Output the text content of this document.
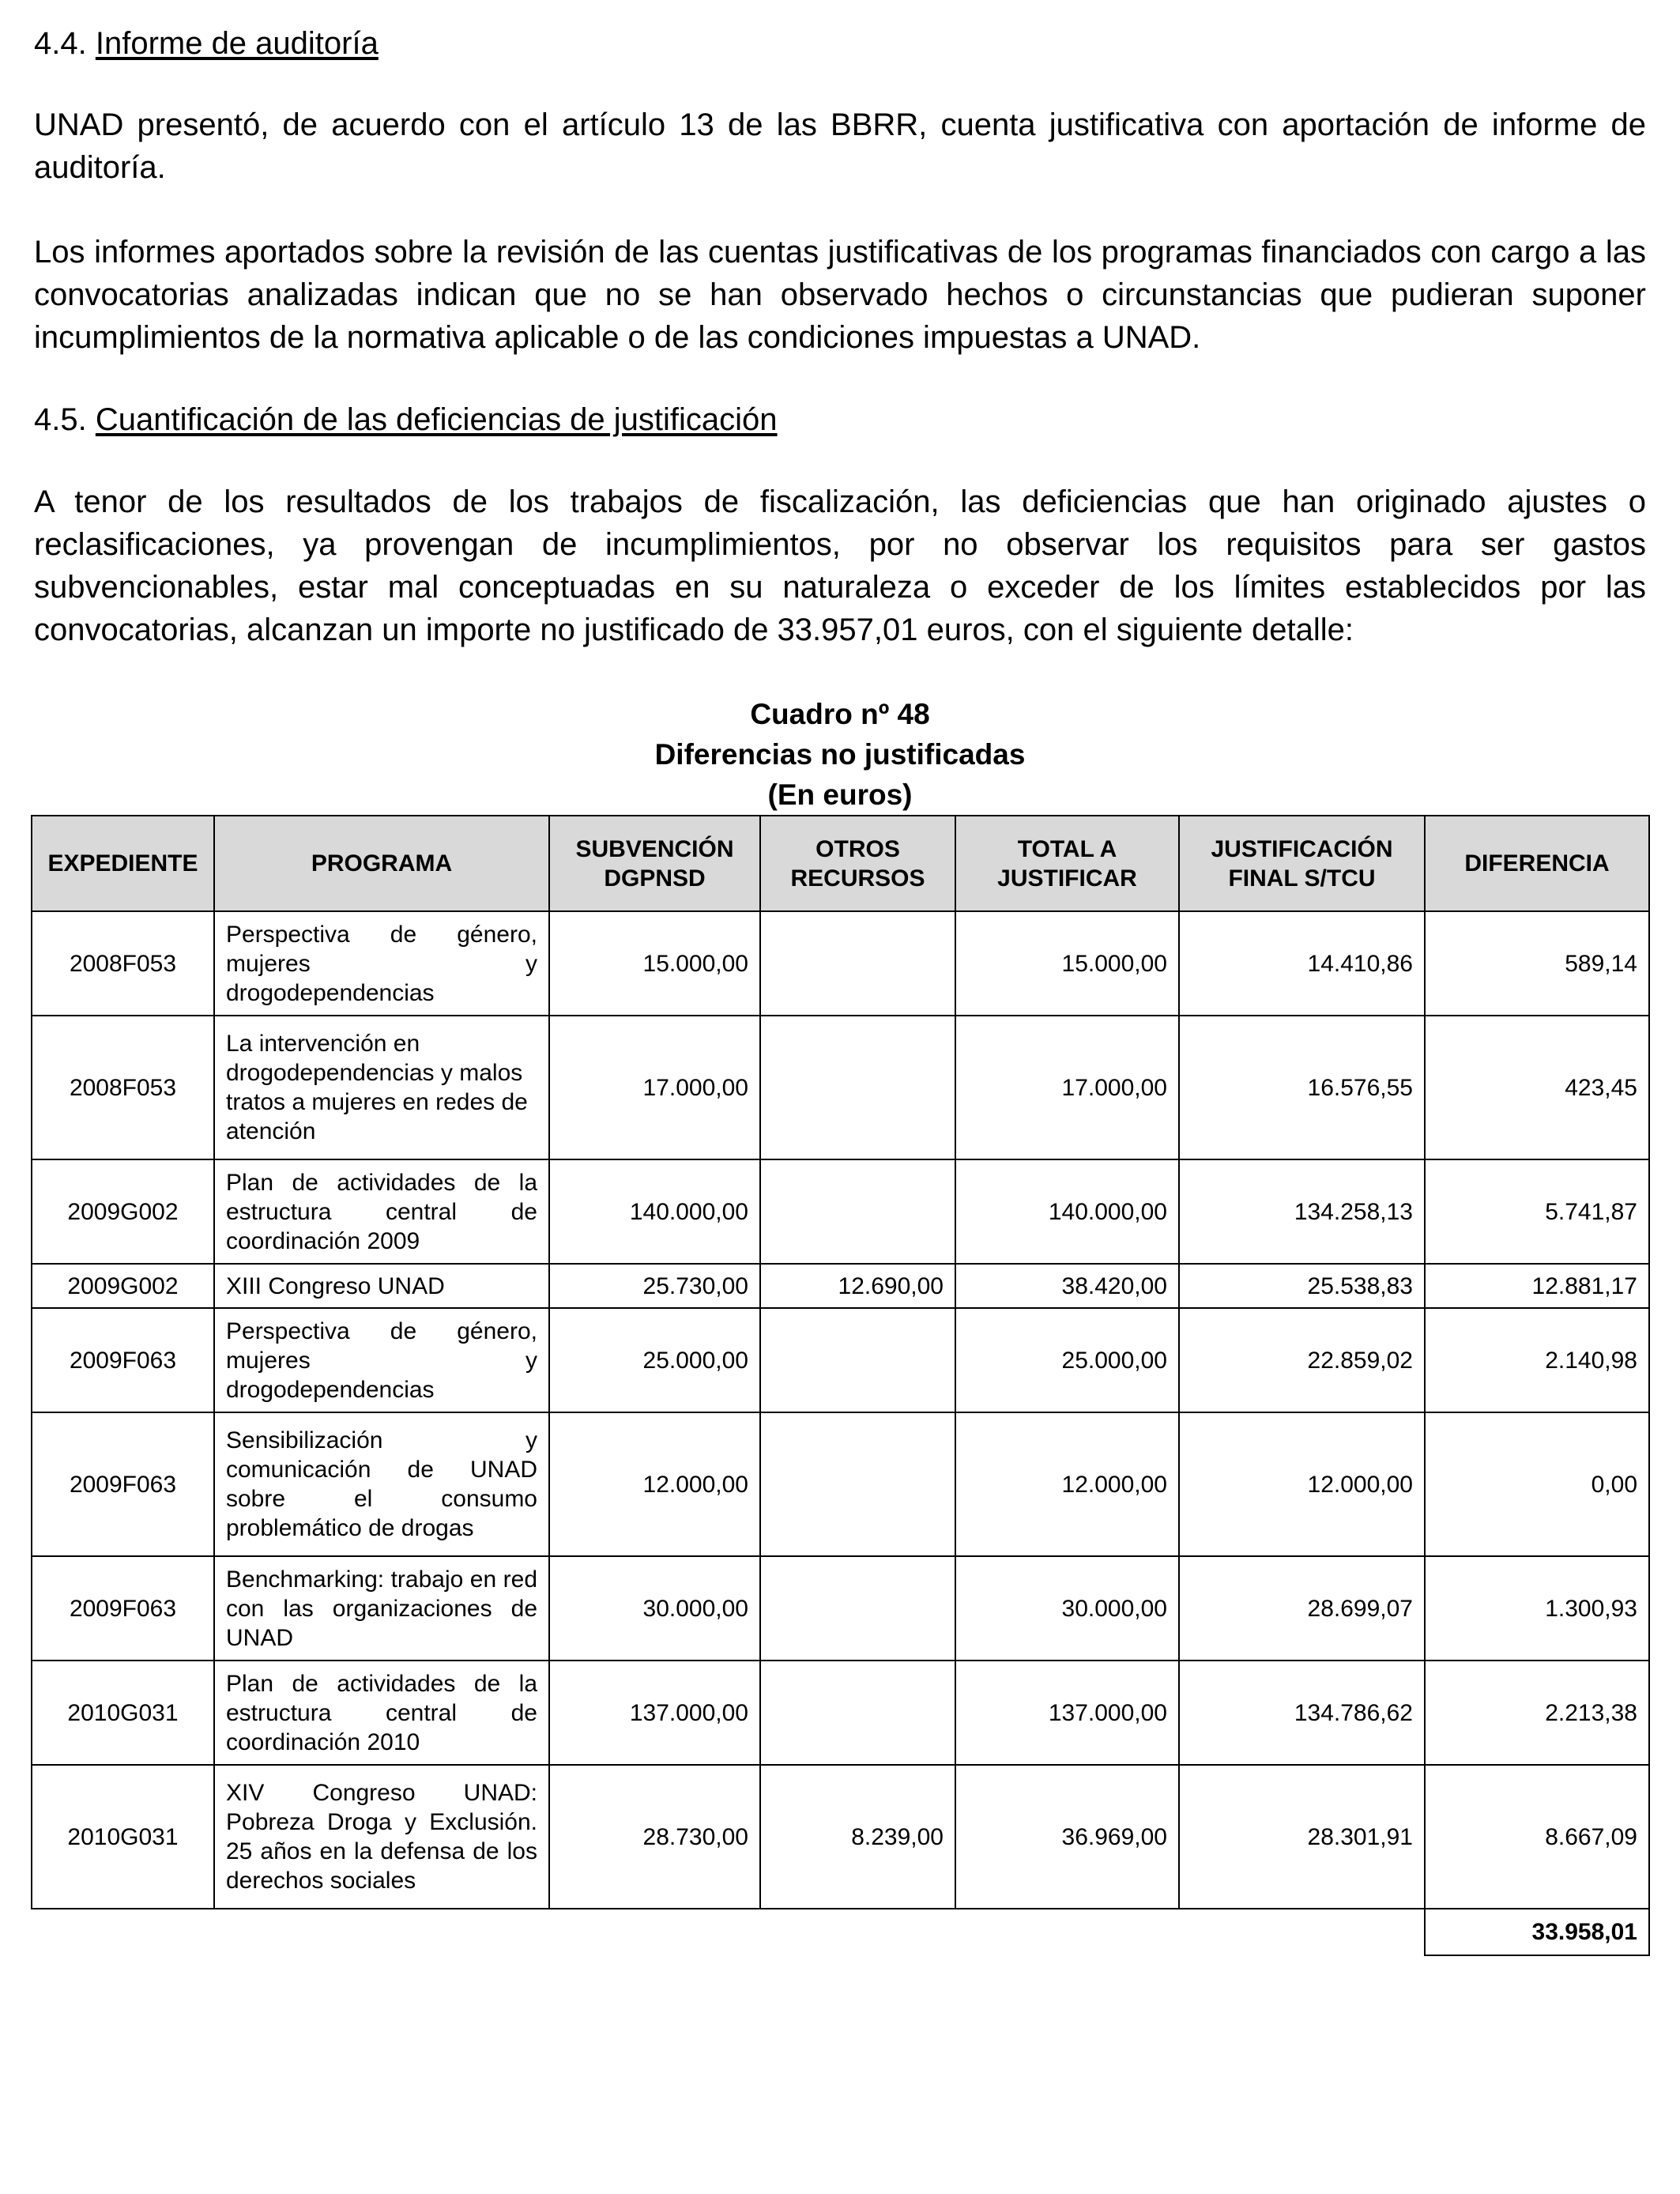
4.4. Informe de auditoría

UNAD presentó, de acuerdo con el artículo 13 de las BBRR, cuenta justificativa con aportación de informe de auditoría.

Los informes aportados sobre la revisión de las cuentas justificativas de los programas financiados con cargo a las convocatorias analizadas indican que no se han observado hechos o circunstancias que pudieran suponer incumplimientos de la normativa aplicable o de las condiciones impuestas a UNAD.

4.5. Cuantificación de las deficiencias de justificación

A tenor de los resultados de los trabajos de fiscalización, las deficiencias que han originado ajustes o reclasificaciones, ya provengan de incumplimientos, por no observar los requisitos para ser gastos subvencionables, estar mal conceptuadas en su naturaleza o exceder de los límites establecidos por las convocatorias, alcanzan un importe no justificado de 33.957,01 euros, con el siguiente detalle:

Cuadro nº 48
Diferencias no justificadas
(En euros)
EXPEDIENTE	PROGRAMA	SUBVENCIÓN DGPNSD	OTROS RECURSOS	TOTAL A JUSTIFICAR	JUSTIFICACIÓN FINAL S/TCU	DIFERENCIA
2008F053	Perspectiva de género, mujeres y drogodependencias	15.000,00		15.000,00	14.410,86	589,14
2008F053	La intervención en drogodependencias y malos tratos a mujeres en redes de atención	17.000,00		17.000,00	16.576,55	423,45
2009G002	Plan de actividades de la estructura central de coordinación 2009	140.000,00		140.000,00	134.258,13	5.741,87
2009G002	XIII Congreso UNAD	25.730,00	12.690,00	38.420,00	25.538,83	12.881,17
2009F063	Perspectiva de género, mujeres y drogodependencias	25.000,00		25.000,00	22.859,02	2.140,98
2009F063	Sensibilización y comunicación de UNAD sobre el consumo problemático de drogas	12.000,00		12.000,00	12.000,00	0,00
2009F063	Benchmarking: trabajo en red con las organizaciones de UNAD	30.000,00		30.000,00	28.699,07	1.300,93
2010G031	Plan de actividades de la estructura central de coordinación 2010	137.000,00		137.000,00	134.786,62	2.213,38
2010G031	XIV Congreso UNAD: Pobreza Droga y Exclusión. 25 años en la defensa de los derechos sociales	28.730,00	8.239,00	36.969,00	28.301,91	8.667,09
						33.958,01
